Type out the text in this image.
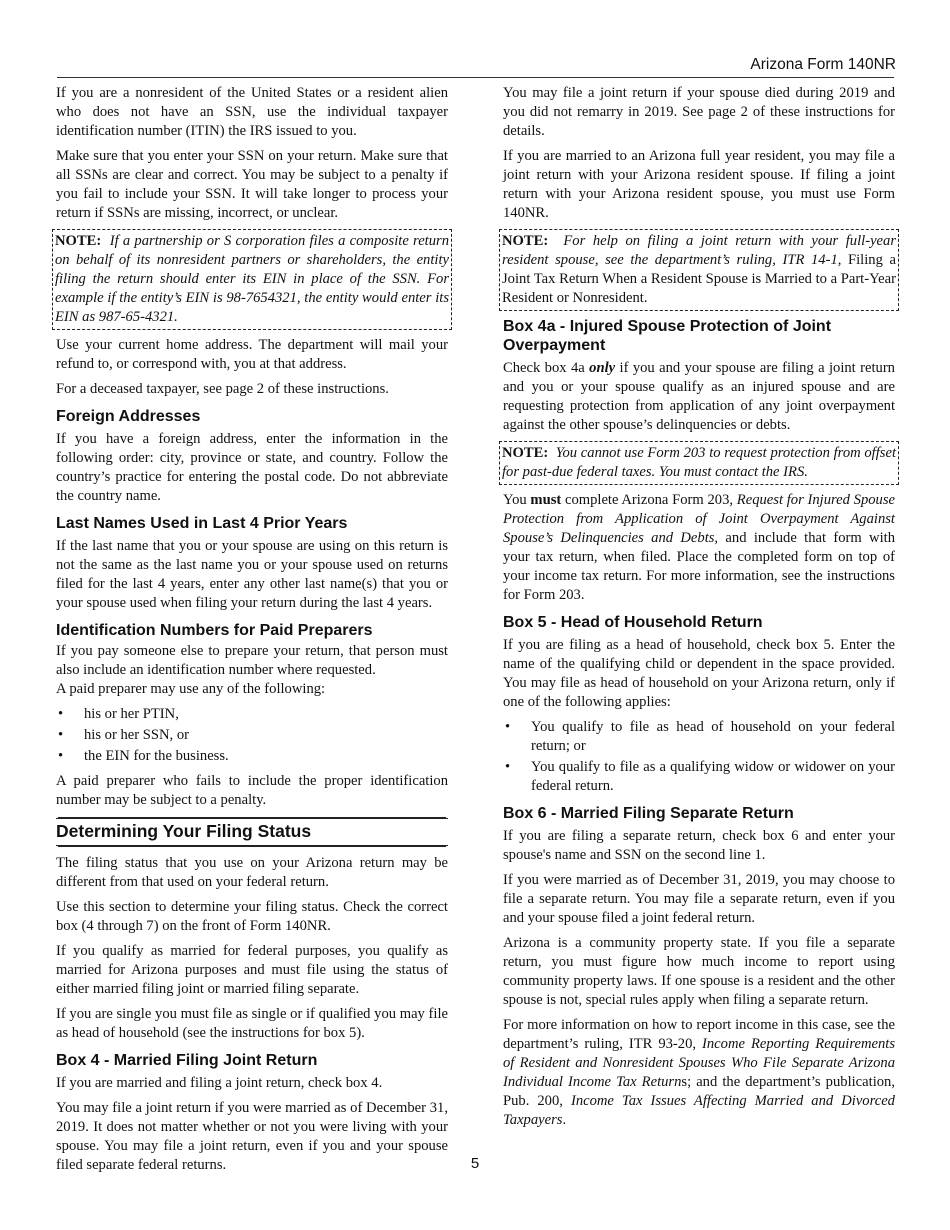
Arizona Form 140NR

If you are a nonresident of the United States or a resident alien who does not have an SSN, use the individual taxpayer identification number (ITIN) the IRS issued to you.

Make sure that you enter your SSN on your return. Make sure that all SSNs are clear and correct. You may be subject to a penalty if you fail to include your SSN. It will take longer to process your return if SSNs are missing, incorrect, or unclear.

NOTE: If a partnership or S corporation files a composite return on behalf of its nonresident partners or shareholders, the entity filing the return should enter its EIN in place of the SSN. For example if the entity’s EIN is 98-7654321, the entity would enter its EIN as 987-65-4321.

Use your current home address. The department will mail your refund to, or correspond with, you at that address.

For a deceased taxpayer, see page 2 of these instructions.

Foreign Addresses

If you have a foreign address, enter the information in the following order: city, province or state, and country. Follow the country’s practice for entering the postal code. Do not abbreviate the country name.

Last Names Used in Last 4 Prior Years

If the last name that you or your spouse are using on this return is not the same as the last name you or your spouse used on returns filed for the last 4 years, enter any other last name(s) that you or your spouse used when filing your return during the last 4 years.

Identification Numbers for Paid Preparers

If you pay someone else to prepare your return, that person must also include an identification number where requested.

A paid preparer may use any of the following:

• his or her PTIN,
• his or her SSN, or
• the EIN for the business.

A paid preparer who fails to include the proper identification number may be subject to a penalty.

Determining Your Filing Status

The filing status that you use on your Arizona return may be different from that used on your federal return.

Use this section to determine your filing status. Check the correct box (4 through 7) on the front of Form 140NR.

If you qualify as married for federal purposes, you qualify as married for Arizona purposes and must file using the status of either married filing joint or married filing separate.

If you are single you must file as single or if qualified you may file as head of household (see the instructions for box 5).

Box 4 - Married Filing Joint Return

If you are married and filing a joint return, check box 4.

You may file a joint return if you were married as of December 31, 2019. It does not matter whether or not you were living with your spouse. You may file a joint return, even if you and your spouse filed separate federal returns.

You may file a joint return if your spouse died during 2019 and you did not remarry in 2019. See page 2 of these instructions for details.

If you are married to an Arizona full year resident, you may file a joint return with your Arizona resident spouse. If filing a joint return with your Arizona resident spouse, you must use Form 140NR.

NOTE: For help on filing a joint return with your full-year resident spouse, see the department’s ruling, ITR 14-1, Filing a Joint Tax Return When a Resident Spouse is Married to a Part-Year Resident or Nonresident.
Box 4a - Injured Spouse Protection of Joint Overpayment

Check box 4a only if you and your spouse are filing a joint return and you or your spouse qualify as an injured spouse and are requesting protection from application of any joint overpayment against the other spouse’s delinquencies or debts.

NOTE: You cannot use Form 203 to request protection from offset for past-due federal taxes. You must contact the IRS.

You must complete Arizona Form 203, Request for Injured Spouse Protection from Application of Joint Overpayment Against Spouse’s Delinquencies and Debts, and include that form with your tax return, when filed. Place the completed form on top of your income tax return. For more information, see the instructions for Form 203.

Box 5 - Head of Household Return

If you are filing as a head of household, check box 5. Enter the name of the qualifying child or dependent in the space provided. You may file as head of household on your Arizona return, only if one of the following applies:

• You qualify to file as head of household on your federal return; or
• You qualify to file as a qualifying widow or widower on your federal return.
Box 6 - Married Filing Separate Return

If you are filing a separate return, check box 6 and enter your spouse's name and SSN on the second line 1.

If you were married as of December 31, 2019, you may choose to file a separate return. You may file a separate return, even if you and your spouse filed a joint federal return.

Arizona is a community property state. If you file a separate return, you must figure how much income to report using community property laws. If one spouse is a resident and the other spouse is not, special rules apply when filing a separate return.

For more information on how to report income in this case, see the department’s ruling, ITR 93-20, Income Reporting Requirements of Resident and Nonresident Spouses Who File Separate Arizona Individual Income Tax Returns; and the department’s publication, Pub. 200, Income Tax Issues Affecting Married and Divorced Taxpayers.

5
